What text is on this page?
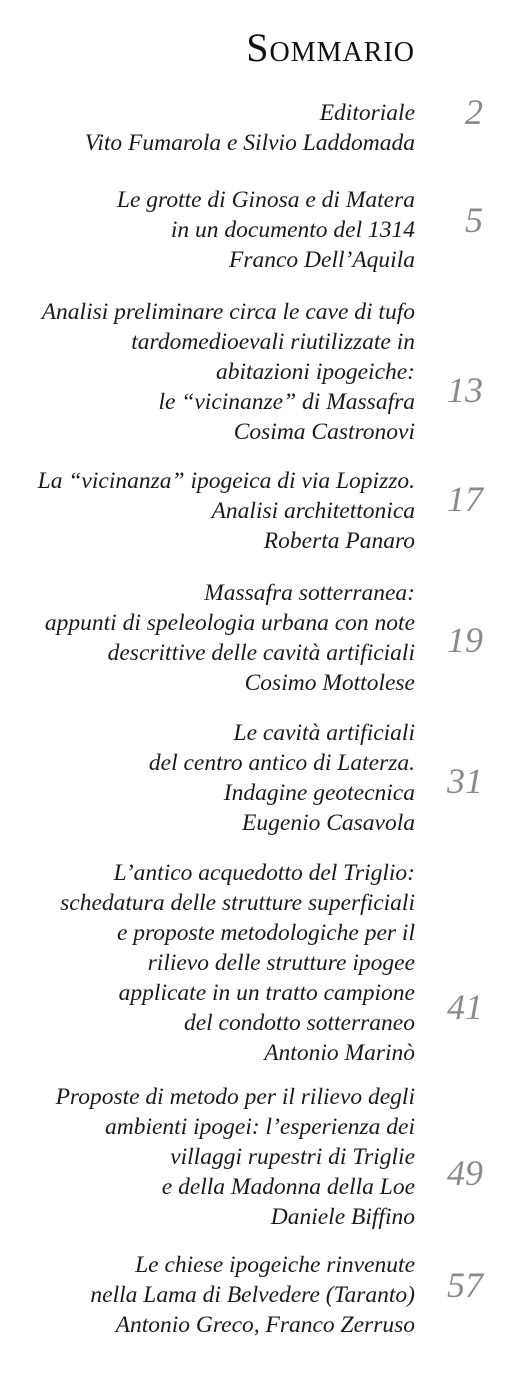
Sommario
Editoriale
Vito Fumarola e Silvio Laddomada
2
Le grotte di Ginosa e di Matera
in un documento del 1314
Franco Dell’Aquila
5
Analisi preliminare circa le cave di tufo
tardomedioevali riutilizzate in
abitazioni ipogeiche:
le “vicinanze” di Massafra
Cosima Castronovi
13
La “vicinanza” ipogeica di via Lopizzo.
Analisi architettonica
Roberta Panaro
17
Massafra sotterranea:
appunti di speleologia urbana con note
descrittive delle cavità artificiali
Cosimo Mottolese
19
Le cavità artificiali
del centro antico di Laterza.
Indagine geotecnica
Eugenio Casavola
31
L’antico acquedotto del Triglio:
schedatura delle strutture superficiali
e proposte metodologiche per il
rilievo delle strutture ipogee
applicate in un tratto campione
del condotto sotterraneo
Antonio Marinò
41
Proposte di metodo per il rilievo degli
ambienti ipogei: l’esperienza dei
villaggi rupestri di Triglie
e della Madonna della Loe
Daniele Biffino
49
Le chiese ipogeiche rinvenute
nella Lama di Belvedere (Taranto)
Antonio Greco, Franco Zerruso
57
